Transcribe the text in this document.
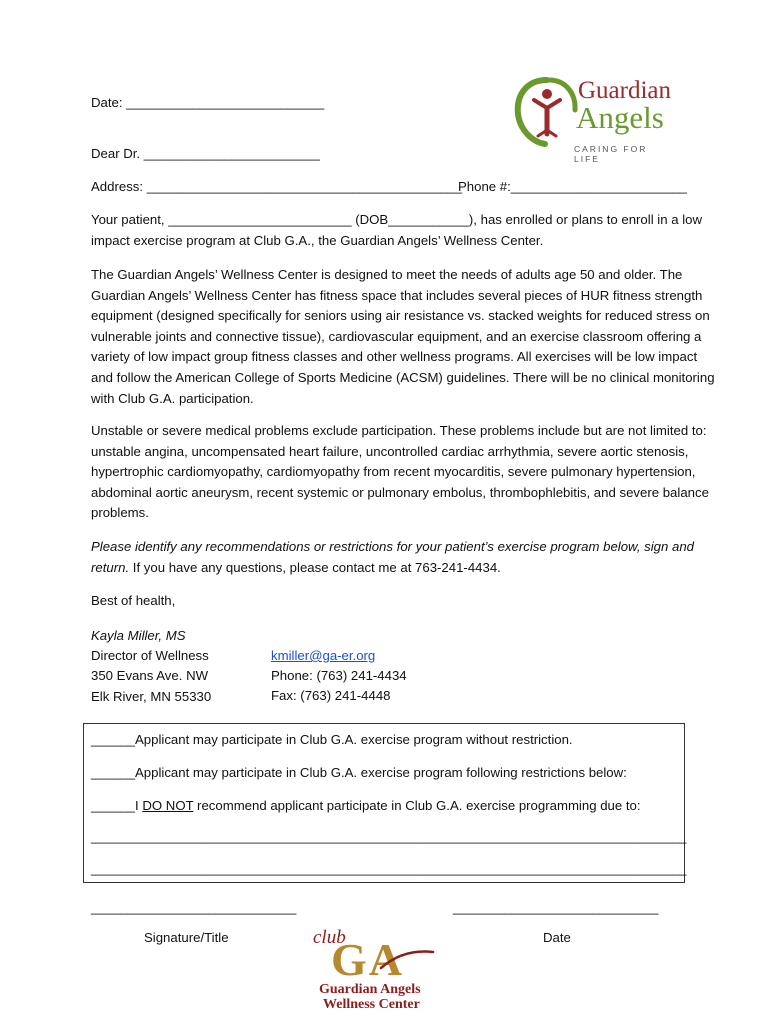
Guardian
Angels
CARING FOR LIFE
Date: ___________________________
Dear Dr. ________________________
Address: ___________________________________________
Phone #:________________________
Your patient, _________________________ (DOB___________), has enrolled or plans to enroll in a low
impact exercise program at Club G.A., the Guardian Angels’ Wellness Center.
The Guardian Angels’ Wellness Center is designed to meet the needs of adults age 50 and older. The
Guardian Angels’ Wellness Center has fitness space that includes several pieces of HUR fitness strength
equipment (designed specifically for seniors using air resistance vs. stacked weights for reduced stress on
vulnerable joints and connective tissue), cardiovascular equipment, and an exercise classroom offering a
variety of low impact group fitness classes and other wellness programs. All exercises will be low impact
and follow the American College of Sports Medicine (ACSM) guidelines. There will be no clinical monitoring
with Club G.A. participation.
Unstable or severe medical problems exclude participation. These problems include but are not limited to:
unstable angina, uncompensated heart failure, uncontrolled cardiac arrhythmia, severe aortic stenosis,
hypertrophic cardiomyopathy, cardiomyopathy from recent myocarditis, severe pulmonary hypertension,
abdominal aortic aneurysm, recent systemic or pulmonary embolus, thrombophlebitis, and severe balance
problems.
Please identify any recommendations or restrictions for your patient’s exercise program below, sign and
return. If you have any questions, please contact me at 763-241-4434.
Best of health,
Kayla Miller, MS
Director of Wellness
350 Evans Ave. NW
Elk River, MN 55330
kmiller@ga-er.org
Phone: (763) 241-4434
Fax: (763) 241-4448
______Applicant may participate in Club G.A. exercise program without restriction.
______Applicant may participate in Club G.A. exercise program following restrictions below:
______I DO NOT recommend applicant participate in Club G.A. exercise programming due to:
_____________________________________________________________________________________
_____________________________________________________________________________________
____________________________	____________________________
Signature/Title	Date
club
GA
Guardian Angels
Wellness Center
